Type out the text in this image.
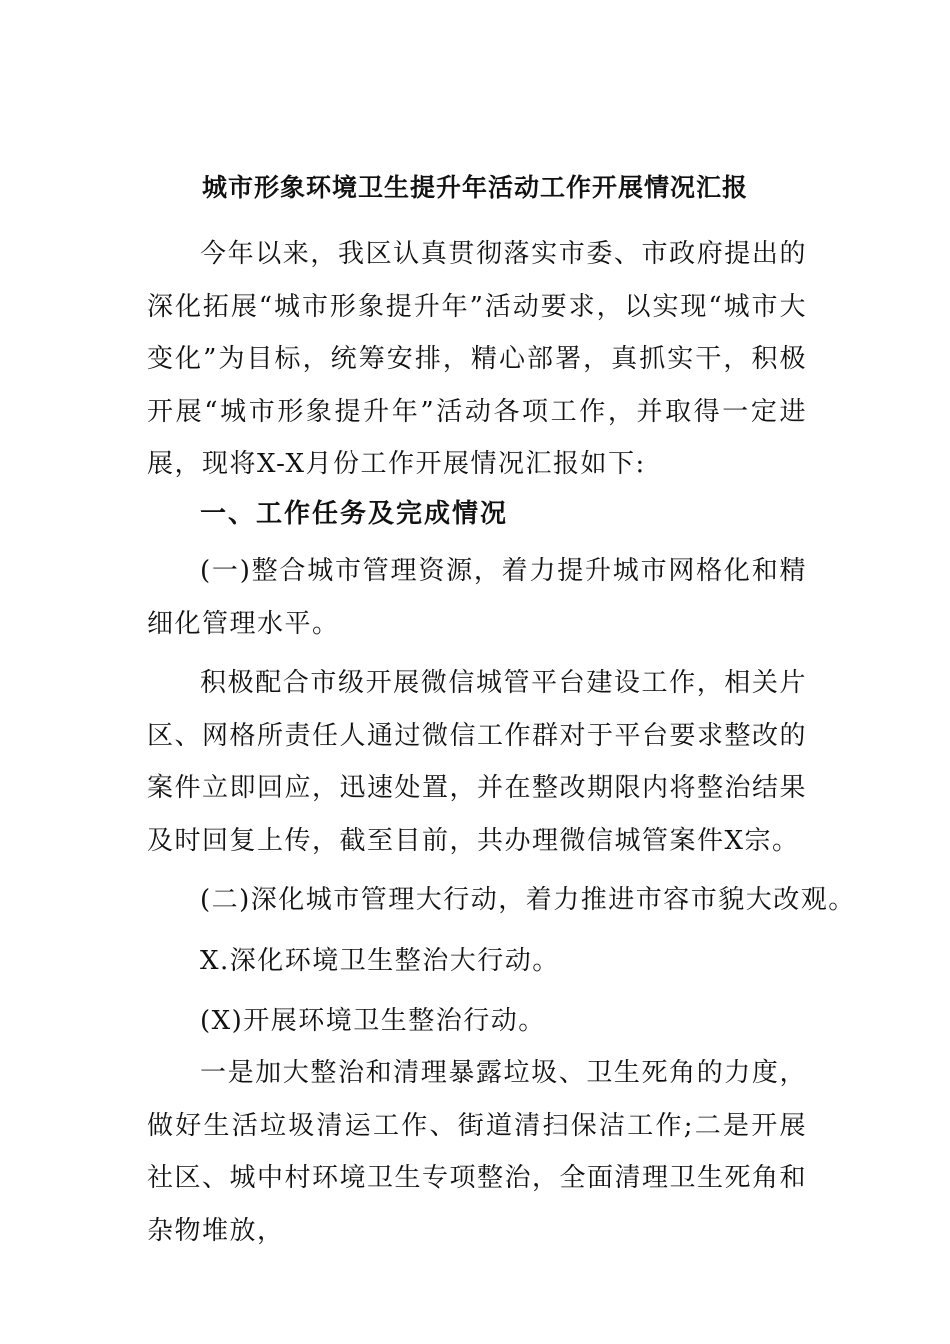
城市形象环境卫生提升年活动工作开展情况汇报

今年以来，我区认真贯彻落实市委、市政府提出的深化拓展“城市形象提升年”活动要求，以实现“城市大变化”为目标，统筹安排，精心部署，真抓实干，积极开展“城市形象提升年”活动各项工作，并取得一定进展，现将X-X月份工作开展情况汇报如下:

一、工作任务及完成情况

(一)整合城市管理资源，着力提升城市网格化和精细化管理水平。

积极配合市级开展微信城管平台建设工作，相关片区、网格所责任人通过微信工作群对于平台要求整改的案件立即回应，迅速处置，并在整改期限内将整治结果及时回复上传，截至目前，共办理微信城管案件X宗。

(二)深化城市管理大行动，着力推进市容市貌大改观。

X.深化环境卫生整治大行动。

(X)开展环境卫生整治行动。

一是加大整治和清理暴露垃圾、卫生死角的力度，做好生活垃圾清运工作、街道清扫保洁工作;二是开展社区、城中村环境卫生专项整治，全面清理卫生死角和杂物堆放，
